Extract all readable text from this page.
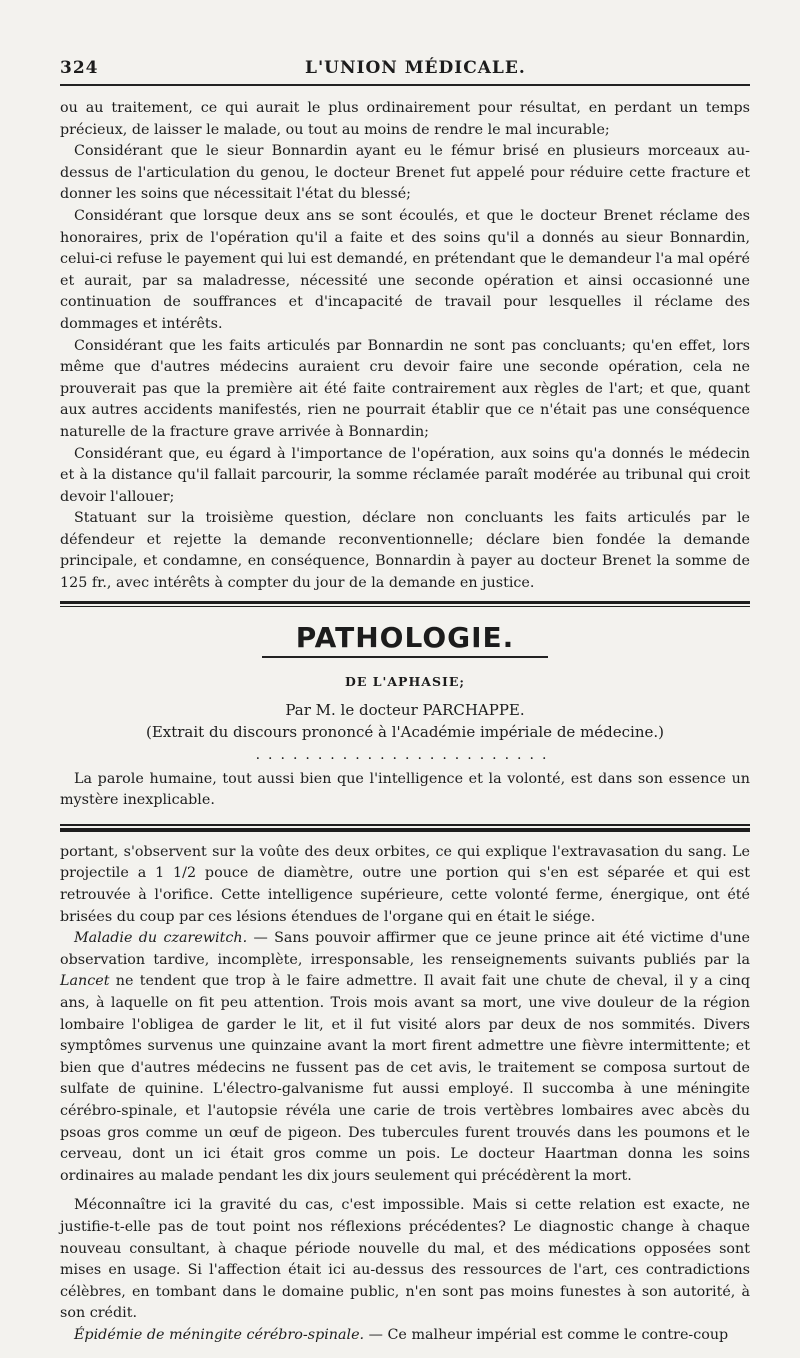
324	L'UNION MÉDICALE.

ou au traitement, ce qui aurait le plus ordinairement pour résultat, en perdant un temps précieux, de laisser le malade, ou tout au moins de rendre le mal incurable;

Considérant que le sieur Bonnardin ayant eu le fémur brisé en plusieurs morceaux au-dessus de l'articulation du genou, le docteur Brenet fut appelé pour réduire cette fracture et donner les soins que nécessitait l'état du blessé;

Considérant que lorsque deux ans se sont écoulés, et que le docteur Brenet réclame des honoraires, prix de l'opération qu'il a faite et des soins qu'il a donnés au sieur Bonnardin, celui-ci refuse le payement qui lui est demandé, en prétendant que le demandeur l'a mal opéré et aurait, par sa maladresse, nécessité une seconde opération et ainsi occasionné une continuation de souffrances et d'incapacité de travail pour lesquelles il réclame des dommages et intérêts.

Considérant que les faits articulés par Bonnardin ne sont pas concluants; qu'en effet, lors même que d'autres médecins auraient cru devoir faire une seconde opération, cela ne prouverait pas que la première ait été faite contrairement aux règles de l'art; et que, quant aux autres accidents manifestés, rien ne pourrait établir que ce n'était pas une conséquence naturelle de la fracture grave arrivée à Bonnardin;

Considérant que, eu égard à l'importance de l'opération, aux soins qu'a donnés le médecin et à la distance qu'il fallait parcourir, la somme réclamée paraît modérée au tribunal qui croit devoir l'allouer;

Statuant sur la troisième question, déclare non concluants les faits articulés par le défendeur et rejette la demande reconventionnelle; déclare bien fondée la demande principale, et condamne, en conséquence, Bonnardin à payer au docteur Brenet la somme de 125 fr., avec intérêts à compter du jour de la demande en justice.

PATHOLOGIE.
DE L'APHASIE;
Par M. le docteur PARCHAPPE.
(Extrait du discours prononcé à l'Académie impériale de médecine.)
........................

La parole humaine, tout aussi bien que l'intelligence et la volonté, est dans son essence un mystère inexplicable.

portant, s'observent sur la voûte des deux orbites, ce qui explique l'extravasation du sang. Le projectile a 1 1/2 pouce de diamètre, outre une portion qui s'en est séparée et qui est retrouvée à l'orifice. Cette intelligence supérieure, cette volonté ferme, énergique, ont été brisées du coup par ces lésions étendues de l'organe qui en était le siége.

Maladie du czarewitch. — Sans pouvoir affirmer que ce jeune prince ait été victime d'une observation tardive, incomplète, irresponsable, les renseignements suivants publiés par la Lancet ne tendent que trop à le faire admettre. Il avait fait une chute de cheval, il y a cinq ans, à laquelle on fit peu attention. Trois mois avant sa mort, une vive douleur de la région lombaire l'obligea de garder le lit, et il fut visité alors par deux de nos sommités. Divers symptômes survenus une quinzaine avant la mort firent admettre une fièvre intermittente; et bien que d'autres médecins ne fussent pas de cet avis, le traitement se composa surtout de sulfate de quinine. L'électro-galvanisme fut aussi employé. Il succomba à une méningite cérébro-spinale, et l'autopsie révéla une carie de trois vertèbres lombaires avec abcès du psoas gros comme un œuf de pigeon. Des tubercules furent trouvés dans les poumons et le cerveau, dont un ici était gros comme un pois. Le docteur Haartman donna les soins ordinaires au malade pendant les dix jours seulement qui précédèrent la mort.

Méconnaître ici la gravité du cas, c'est impossible. Mais si cette relation est exacte, ne justifie-t-elle pas de tout point nos réflexions précédentes? Le diagnostic change à chaque nouveau consultant, à chaque période nouvelle du mal, et des médications opposées sont mises en usage. Si l'affection était ici au-dessus des ressources de l'art, ces contradictions célèbres, en tombant dans le domaine public, n'en sont pas moins funestes à son autorité, à son crédit.

Épidémie de méningite cérébro-spinale. — Ce malheur impérial est comme le contre-coup
